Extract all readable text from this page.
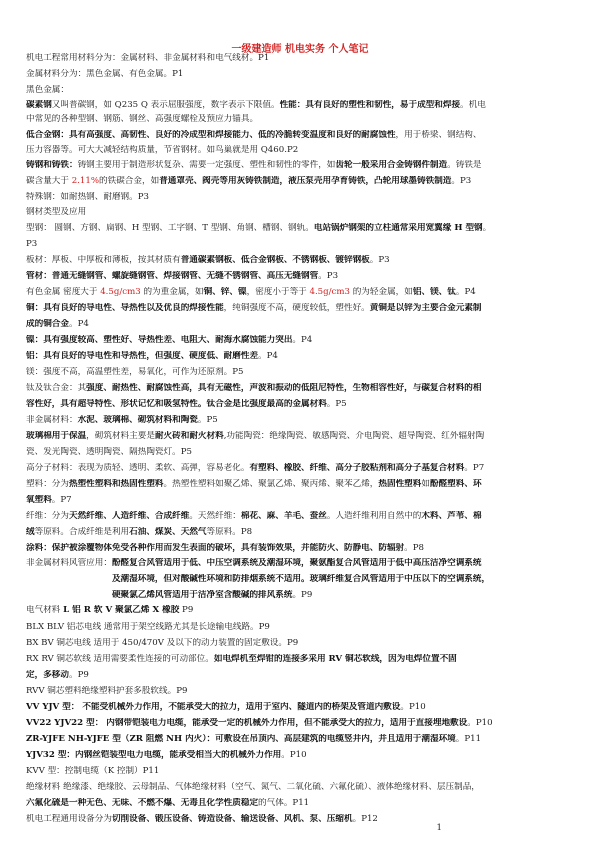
一级建造师 机电实务 个人笔记
机电工程常用材料分为：金属材料、非金属材料和电气线材。P1
金属材料分为：黑色金属、有色金属。P1
黑色金属：
碳素钢又叫普碳钢，如 Q235 Q 表示屈服强度，数字表示下限值。性能：具有良好的塑性和韧性，易于成型和焊接。机电
中常见的各种型钢、钢筋、钢丝、高强度螺栓及预应力锚具。
低合金钢：具有高强度、高韧性、良好的冷成型和焊接能力、低的冷脆转变温度和良好的耐腐蚀性，用于桥梁、钢结构、
压力容器等。可大大减轻结构质量，节省钢材。如鸟巢就是用 Q460.P2
铸钢和铸铁：铸钢主要用于制造形状复杂、需要一定强度、塑性和韧性的零件，如齿轮一般采用合金铸钢件制造。铸铁是
碳含量大于 2.11%的铁碳合金，如普通罩壳、阀壳等用灰铸铁制造，液压泵壳用孕育铸铁，凸轮用球墨铸铁制造。P3
特殊钢：如耐热钢、耐磨钢。P3
钢材类型及应用
型钢： 圆钢、方钢、扁钢、H 型钢、工字钢、T 型钢、角钢、槽钢、钢轨。电站锅炉钢架的立柱通常采用宽翼缘 H 型钢。
P3
板材：厚板、中厚板和薄板，按其材质有普通碳素钢板、低合金钢板、不锈钢板、镀锌钢板。P3
管材：普通无缝钢管、螺旋缝钢管、焊接钢管、无缝不锈钢管、高压无缝钢管。P3
有色金属 密度大于 4.5g/cm3 的为重金属，如铜、锌、镍，密度小于等于 4.5g/cm3 的为轻金属，如铝、镁、钛。P4
铜：具有良好的导电性、导热性以及优良的焊接性能，纯铜强度不高，硬度较低，塑性好。黄铜是以锌为主要合金元素制
成的铜合金。P4
镍：具有强度较高、塑性好、导热性差、电阻大、耐海水腐蚀能力突出。P4
铝：具有良好的导电性和导热性，但强度、硬度低、耐磨性差。P4
镁：强度不高，高温塑性差，易氧化，可作为还原剂。P5
钛及钛合金：其强度、耐热性、耐腐蚀性高，具有无磁性，声波和振动的低阻尼特性，生物相容性好，与碳复合材料的相
容性好，具有超导特性、形状记忆和吸氢特性。钛合金是比强度最高的金属材料。P5
非金属材料：水泥、玻璃棉、砌筑材料和陶瓷。P5
玻璃棉用于保温，砌筑材料主要是耐火砖和耐火材料,功能陶瓷：绝缘陶瓷、敏感陶瓷、介电陶瓷、超导陶瓷、红外辐射陶
瓷、发光陶瓷、透明陶瓷、隔热陶瓷灯。P5
高分子材料：表现为质轻、透明、柔软、高弹，容易老化。有塑料、橡胶、纤维、高分子胶粘剂和高分子基复合材料。P7
塑料：分为热塑性塑料和热固性塑料。热塑性塑料如聚乙烯、聚氯乙烯、聚丙烯、聚苯乙烯，热固性塑料如酚醛塑料、环
氧塑料。P7
纤维：分为天然纤维、人造纤维、合成纤维。天然纤维：棉花、麻、羊毛、蚕丝。人造纤维利用自然中的木料、芦苇、棉
绒等原料。合成纤维是利用石油、煤炭、天然气等原料。P8
涂料：保护被涂覆物体免受各种作用而发生表面的破坏，具有装饰效果，并能防火、防静电、防辐射。P8
非金属材料风管应用：酚醛复合风管适用于低、中压空调系统及潮湿环境，聚氨酯复合风管适用于低中高压洁净空调系统
　　　　　　　　　　及潮湿环境，但对酸碱性环境和防排烟系统不适用。玻璃纤维复合风管适用于中压以下的空调系统，
　　　　　　　　　　硬聚氯乙烯风管适用于洁净室含酸碱的排风系统。P9
电气材料 L 铝 R 软 V 聚氯乙烯 X 橡胶 P9
BLX BLV 铝芯电线 通常用于架空线路尤其是长途输电线路。P9
BX BV 铜芯电线 适用于 450/470V 及以下的动力装置的固定敷设。P9
RX RV 铜芯软线 适用需要柔性连接的可动部位。如电焊机至焊钳的连接多采用 RV 铜芯软线，因为电焊位置不固
定，多移动。P9
RVV 铜芯塑料绝缘塑料护套多股软线。P9
VV YJV 型： 不能受机械外力作用，不能承受大的拉力，适用于室内、隧道内的桥架及管道内敷设。P10
VV22 YJV22 型： 内钢带铠装电力电缆，能承受一定的机械外力作用，但不能承受大的拉力，适用于直接埋地敷设。P10
ZR-YJFE NH-YJFE 型（ZR 阻燃 NH 内火）：可敷设在吊顶内、高层建筑的电缆竖井内，并且适用于潮湿环境。P11
YJV32 型：内钢丝铠装型电力电缆，能承受相当大的机械外力作用。P10
KVV 型：控制电缆（K 控制）P11
绝缘材料 绝缘漆、绝缘胶、云母制品、气体绝缘材料（空气、氮气、二氧化硫、六氟化硫）、液体绝缘材料、层压制品，
六氟化硫是一种无色、无味、不燃不爆、无毒且化学性质稳定的气体。P11
机电工程通用设备分为切削设备、锻压设备、铸造设备、输送设备、风机、泵、压缩机。P12
1
